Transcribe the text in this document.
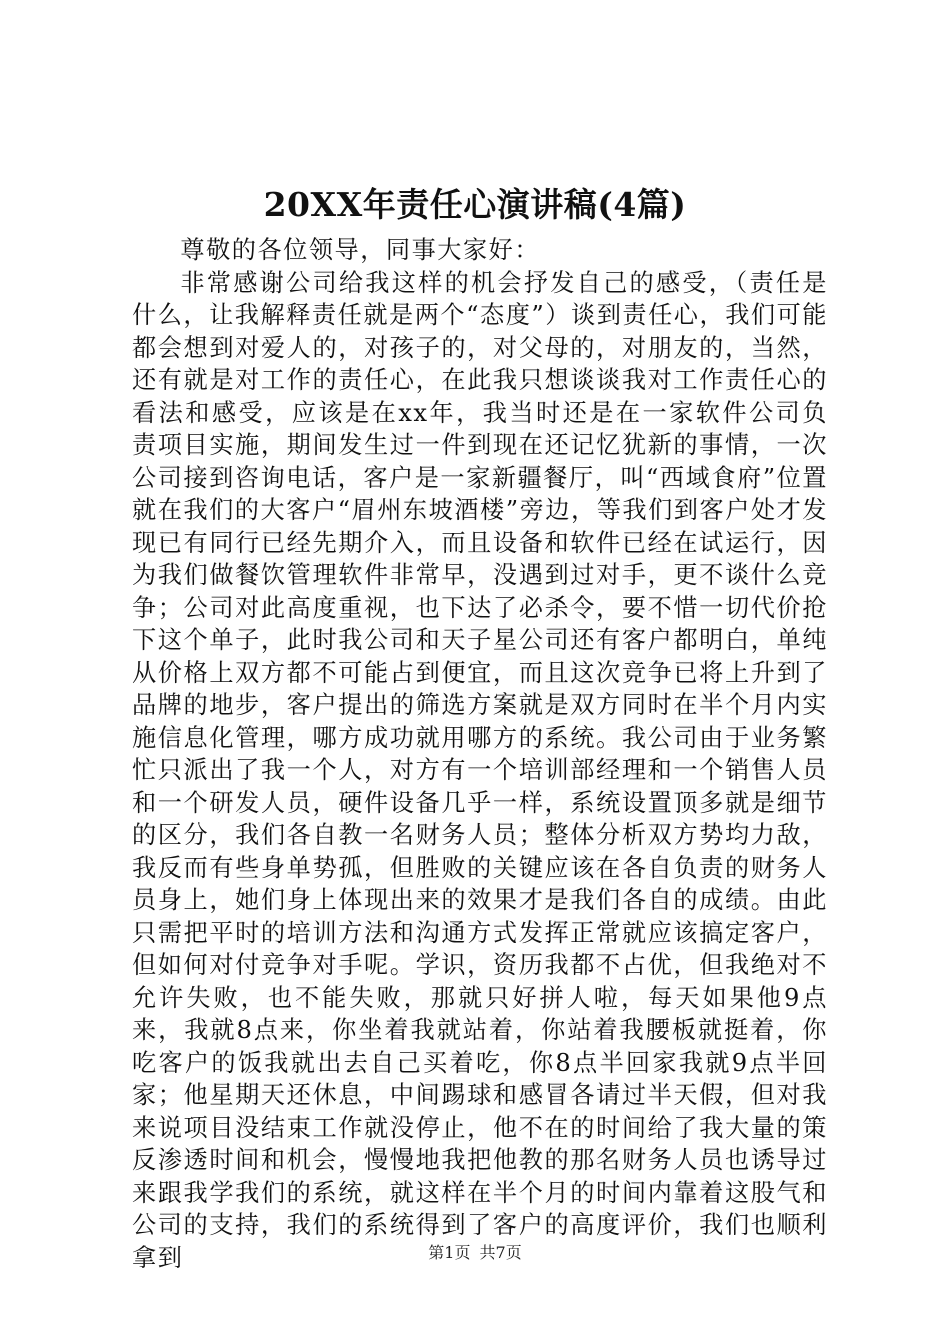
20XX年责任心演讲稿(4篇)

尊敬的各位领导，同事大家好：

非常感谢公司给我这样的机会抒发自己的感受，（责任是什么，让我解释责任就是两个“态度”）谈到责任心，我们可能都会想到对爱人的，对孩子的，对父母的，对朋友的，当然，还有就是对工作的责任心，在此我只想谈谈我对工作责任心的看法和感受，应该是在xx年，我当时还是在一家软件公司负责项目实施，期间发生过一件到现在还记忆犹新的事情，一次公司接到咨询电话，客户是一家新疆餐厅，叫“西域食府”位置就在我们的大客户“眉州东坡酒楼”旁边，等我们到客户处才发现已有同行已经先期介入，而且设备和软件已经在试运行，因为我们做餐饮管理软件非常早，没遇到过对手，更不谈什么竞争；公司对此高度重视，也下达了必杀令，要不惜一切代价抢下这个单子，此时我公司和天子星公司还有客户都明白，单纯从价格上双方都不可能占到便宜，而且这次竞争已将上升到了品牌的地步，客户提出的筛选方案就是双方同时在半个月内实施信息化管理，哪方成功就用哪方的系统。我公司由于业务繁忙只派出了我一个人，对方有一个培训部经理和一个销售人员和一个研发人员，硬件设备几乎一样，系统设置顶多就是细节的区分，我们各自教一名财务人员；整体分析双方势均力敌，我反而有些身单势孤，但胜败的关键应该在各自负责的财务人员身上，她们身上体现出来的效果才是我们各自的成绩。由此只需把平时的培训方法和沟通方式发挥正常就应该搞定客户，但如何对付竞争对手呢。学识，资历我都不占优，但我绝对不允许失败，也不能失败，那就只好拼人啦，每天如果他9点来，我就8点来，你坐着我就站着，你站着我腰板就挺着，你吃客户的饭我就出去自己买着吃，你8点半回家我就9点半回家；他星期天还休息，中间踢球和感冒各请过半天假，但对我来说项目没结束工作就没停止，他不在的时间给了我大量的策反渗透时间和机会，慢慢地我把他教的那名财务人员也诱导过来跟我学我们的系统，就这样在半个月的时间内靠着这股气和公司的支持，我们的系统得到了客户的高度评价，我们也顺利拿到	第1页 共7页
